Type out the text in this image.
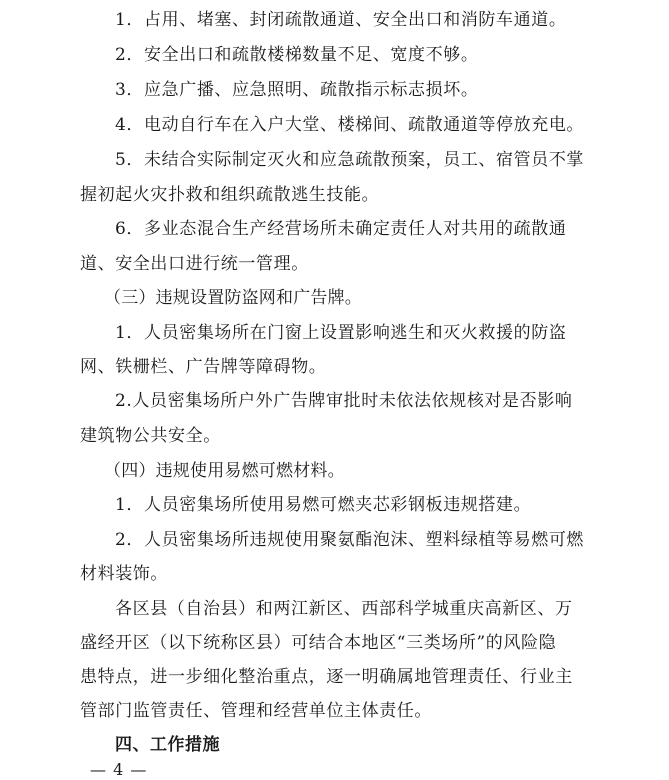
1．占用、堵塞、封闭疏散通道、安全出口和消防车通道。
2．安全出口和疏散楼梯数量不足、宽度不够。
3．应急广播、应急照明、疏散指示标志损坏。
4．电动自行车在入户大堂、楼梯间、疏散通道等停放充电。
5．未结合实际制定灭火和应急疏散预案，员工、宿管员不掌
握初起火灾扑救和组织疏散逃生技能。
6．多业态混合生产经营场所未确定责任人对共用的疏散通
道、安全出口进行统一管理。
（三）违规设置防盗网和广告牌。
1．人员密集场所在门窗上设置影响逃生和灭火救援的防盗
网、铁栅栏、广告牌等障碍物。
2.人员密集场所户外广告牌审批时未依法依规核对是否影响
建筑物公共安全。
（四）违规使用易燃可燃材料。
1．人员密集场所使用易燃可燃夹芯彩钢板违规搭建。
2．人员密集场所违规使用聚氨酯泡沫、塑料绿植等易燃可燃
材料装饰。
各区县（自治县）和两江新区、西部科学城重庆高新区、万
盛经开区（以下统称区县）可结合本地区“三类场所”的风险隐
患特点，进一步细化整治重点，逐一明确属地管理责任、行业主
管部门监管责任、管理和经营单位主体责任。
四、工作措施
— 4 —
